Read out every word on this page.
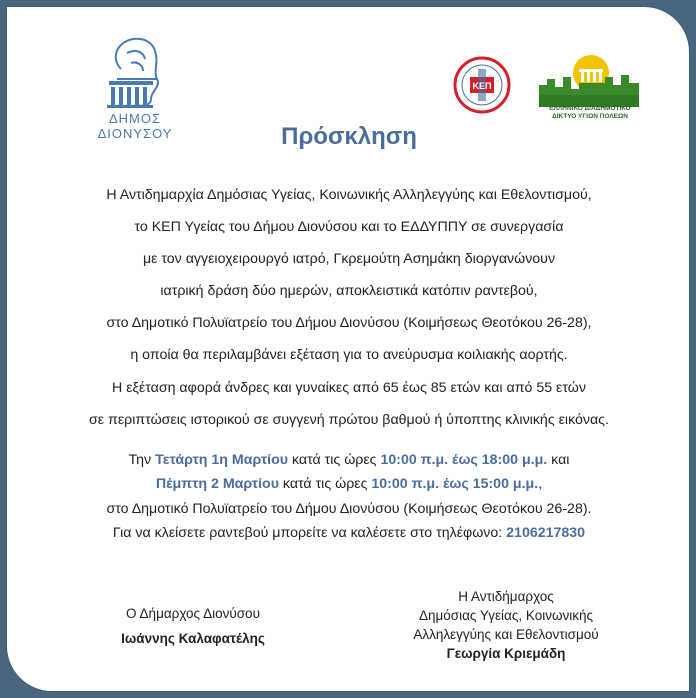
ΔΗΜΟΣ
ΔΙΟΝΥΣΟΥ
ΚΕΠ
ΕΛΛΗΝΙΚΟ ΔΙΑΔΗΜΟΤΙΚΟ
ΔΙΚΤΥΟ ΥΓΙΩΝ ΠΟΛΕΩΝ
Πρόσκληση
Η Αντιδημαρχία Δημόσιας Υγείας, Κοινωνικής Αλληλεγγύης και Εθελοντισμού,
το ΚΕΠ Υγείας του Δήμου Διονύσου και το ΕΔΔΥΠΠΥ σε συνεργασία
με τον αγγειοχειρουργό ιατρό, Γκρεμούτη Ασημάκη διοργανώνουν
ιατρική δράση δύο ημερών, αποκλειστικά κατόπιν ραντεβού,
στο Δημοτικό Πολυϊατρείο του Δήμου Διονύσου (Κοιμήσεως Θεοτόκου 26-28),
η οποία θα περιλαμβάνει εξέταση για το ανεύρυσμα κοιλιακής αορτής.
Η εξέταση αφορά άνδρες και γυναίκες από 65 έως 85 ετών και από 55 ετών
σε περιπτώσεις ιστορικού σε συγγενή πρώτου βαθμού ή ύποπτης κλινικής εικόνας.
Την Τετάρτη 1η Μαρτίου κατά τις ώρες 10:00 π.μ. έως 18:00 μ.μ. και
Πέμπτη 2 Μαρτίου κατά τις ώρες 10:00 π.μ. έως 15:00 μ.μ.,
στο Δημοτικό Πολυϊατρείο του Δήμου Διονύσου (Κοιμήσεως Θεοτόκου 26-28).
Για να κλείσετε ραντεβού μπορείτε να καλέσετε στο τηλέφωνο: 2106217830
Ο Δήμαρχος Διονύσου
Ιωάννης Καλαφατέλης
Η Αντιδήμαρχος
Δημόσιας Υγείας, Κοινωνικής
Αλληλεγγύης και Εθελοντισμού
Γεωργία Κριεμάδη
